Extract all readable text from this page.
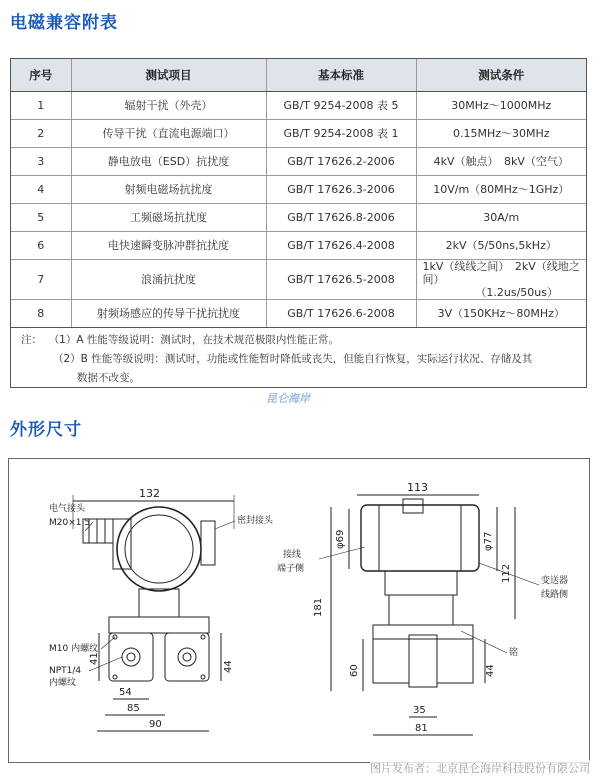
电磁兼容附表
序号	测试项目	基本标准	测试条件
1	辐射干扰（外壳）	GB/T 9254-2008 表 5	30MHz～1000MHz
2	传导干扰（直流电源端口）	GB/T 9254-2008 表 1	0.15MHz～30MHz
3	静电放电（ESD）抗扰度	GB/T 17626.2-2006	4kV（触点）　8kV（空气）
4	射频电磁场抗扰度	GB/T 17626.3-2006	10V/m（80MHz～1GHz）
5	工频磁场抗扰度	GB/T 17626.8-2006	30A/m
6	电快速瞬变脉冲群抗扰度	GB/T 17626.4-2008	2kV（5/50ns,5kHz）
7	浪涌抗扰度	GB/T 17626.5-2008	1kV（线线之间）　2kV（线地之间）
（1.2us/50us）

8	射频场感应的传导干扰抗扰度	GB/T 17626.6-2008	3V（150KHz～80MHz）
注： （1）A 性能等级说明：测试时，在技术规范极限内性能正常。
（2）B 性能等级说明：测试时，功能或性能暂时降低或丧失，但能自行恢复，实际运行状况、存储及其
数据不改变。
昆仑海岸
外形尺寸
132
电气接头
M20×1.5	密封接头
M10 内螺纹
NPT1/4
内螺纹
41
44
54
85
90
113
φ69	φ77
112
181
60	44
35
81
接线
端子侧
变送器
线路侧
铭
图片发布者：北京昆仑海岸科技股份有限公司
